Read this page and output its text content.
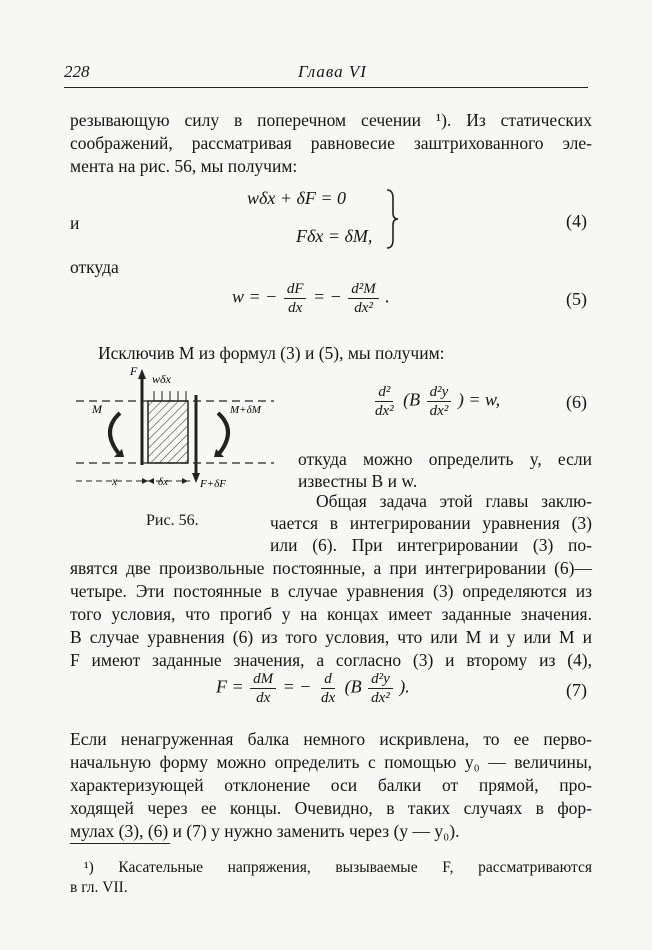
228	Глава VI
резывающую силу в поперечном сечении ¹). Из статических
соображений, рассматривая равновесие заштрихованного эле-
мента на рис. 56, мы получим:
wδx + δF = 0
и
Fδx = δM,
(4)
откуда
w = − $\frac{dF}{dx}$ = − $\frac{\text{d²M}}{\text{dx²}}$ .	(5)
Исключив M из формул (3) и (5), мы получим:
F
wδx
M	M+δM
x	δx	F+δF
Рис. 56.
$\frac{\text{d²}}{\text{dx²}} (B \frac{\text{d²y}}{\text{dx²}}$ ) = w,	(6)
откуда можно определить y, если
известны B и w.
Общая задача этой главы заклю-
чается в интегрировании уравнения (3)
или (6). При интегрировании (3) по-
явятся две произвольные постоянные, а при интегрировании (6)—
четыре. Эти постоянные в случае уравнения (3) определяются из
того условия, что прогиб y на концах имеет заданные значения.
В случае уравнения (6) из того условия, что или M и y или M и
F имеют заданные значения, а согласно (3) и второму из (4),
$F = \frac{dM}{dx}$ = − $\frac{d}{dx} (B \frac{\text{d²y}}{\text{dx²}}$ ).	(7)
Если ненагруженная балка немного искривлена, то ее перво-
начальную форму можно определить с помощью y₀ — величины,
характеризующей отклонение оси балки от прямой, про-
ходящей через ее концы. Очевидно, в таких случаях в фор-
мулах (3), (6) и (7) y нужно заменить через (y — y₀).
¹) Касательные напряжения, вызываемые F, рассматриваются
в гл. VII.
